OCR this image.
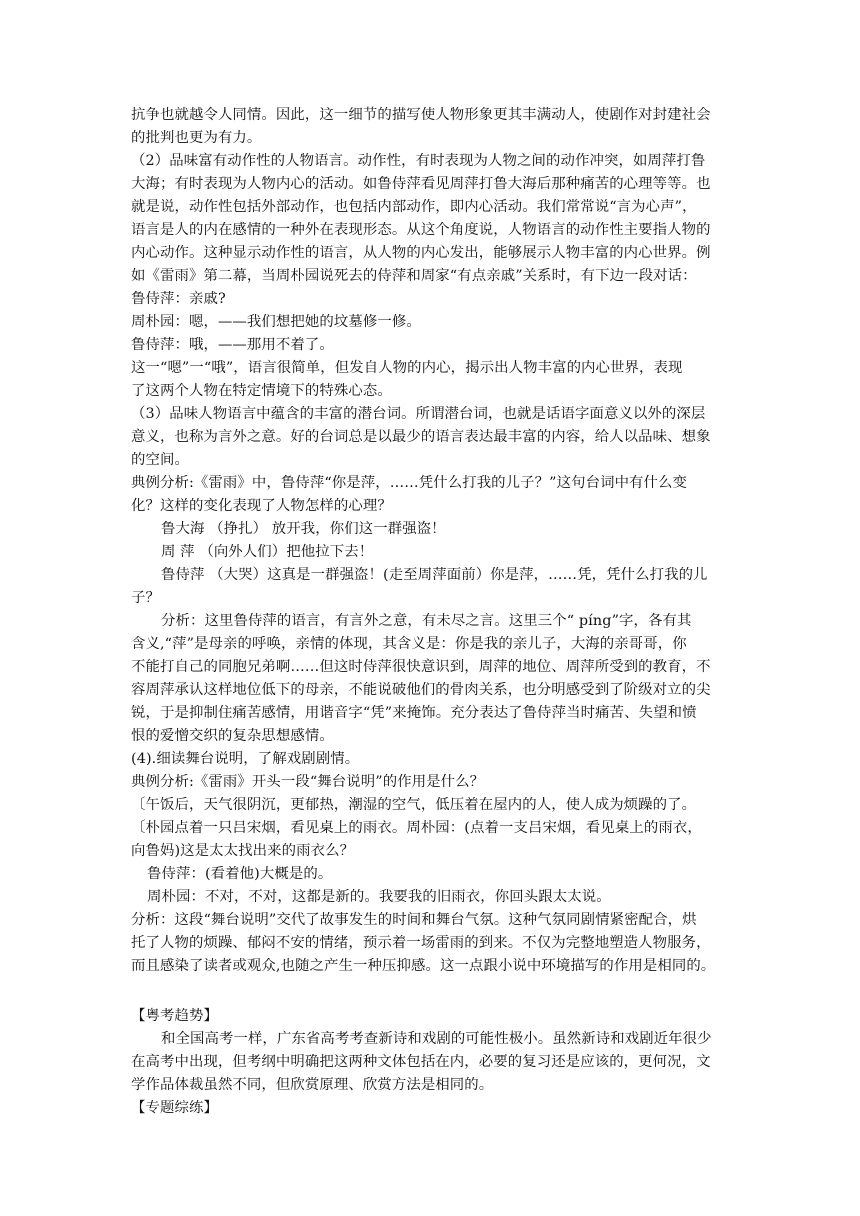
抗争也就越令人同情。因此，这一细节的描写使人物形象更其丰满动人，使剧作对封建社会
的批判也更为有力。
（2）品味富有动作性的人物语言。动作性，有时表现为人物之间的动作冲突，如周萍打鲁
大海；有时表现为人物内心的活动。如鲁侍萍看见周萍打鲁大海后那种痛苦的心理等等。也
就是说，动作性包括外部动作，也包括内部动作，即内心活动。我们常常说“言为心声”，
语言是人的内在感情的一种外在表现形态。从这个角度说，人物语言的动作性主要指人物的
内心动作。这种显示动作性的语言，从人物的内心发出，能够展示人物丰富的内心世界。例
如《雷雨》第二幕，当周朴园说死去的侍萍和周家“有点亲戚”关系时，有下边一段对话：
鲁侍萍：亲戚?
周朴园：嗯，——我们想把她的坟墓修一修。
鲁侍萍：哦，——那用不着了。
这一“嗯”一“哦”，语言很简单，但发自人物的内心，揭示出人物丰富的内心世界，表现
了这两个人物在特定情境下的特殊心态。
（3）品味人物语言中蕴含的丰富的潜台词。所谓潜台词，也就是话语字面意义以外的深层
意义，也称为言外之意。好的台词总是以最少的语言表达最丰富的内容，给人以品味、想象
的空间。
典例分析:《雷雨》中，鲁侍萍“你是萍，……凭什么打我的儿子？”这句台词中有什么变
化？这样的变化表现了人物怎样的心理？
鲁大海 （挣扎） 放开我，你们这一群强盗！
周 萍 （向外人们）把他拉下去！
鲁侍萍 （大哭）这真是一群强盗！(走至周萍面前）你是萍，……凭，凭什么打我的儿
子？
分析：这里鲁侍萍的语言，有言外之意，有未尽之言。这里三个“ píng”字，各有其
含义,“萍”是母亲的呼唤，亲情的体现，其含义是：你是我的亲儿子，大海的亲哥哥，你
不能打自己的同胞兄弟啊……但这时侍萍很快意识到，周萍的地位、周萍所受到的教育，不
容周萍承认这样地位低下的母亲，不能说破他们的骨肉关系，也分明感受到了阶级对立的尖
锐，于是抑制住痛苦感情，用谐音字“凭”来掩饰。充分表达了鲁侍萍当时痛苦、失望和愤
恨的爱憎交织的复杂思想感情。
(4).细读舞台说明，了解戏剧剧情。
典例分析:《雷雨》开头一段“舞台说明”的作用是什么？
〔午饭后，天气很阴沉，更郁热，潮湿的空气，低压着在屋内的人，使人成为烦躁的了。
〔朴园点着一只吕宋烟，看见桌上的雨衣。周朴园：(点着一支吕宋烟，看见桌上的雨衣，
向鲁妈)这是太太找出来的雨衣么？
鲁侍萍：(看着他)大概是的。
周朴园：不对，不对，这都是新的。我要我的旧雨衣，你回头跟太太说。
分析：这段“舞台说明”交代了故事发生的时间和舞台气氛。这种气氛同剧情紧密配合，烘
托了人物的烦躁、郁闷不安的情绪，预示着一场雷雨的到来。不仅为完整地塑造人物服务，
而且感染了读者或观众,也随之产生一种压抑感。这一点跟小说中环境描写的作用是相同的。
【粤考趋势】
和全国高考一样，广东省高考考查新诗和戏剧的可能性极小。虽然新诗和戏剧近年很少
在高考中出现，但考纲中明确把这两种文体包括在内，必要的复习还是应该的，更何况，文
学作品体裁虽然不同，但欣赏原理、欣赏方法是相同的。
【专题综练】
